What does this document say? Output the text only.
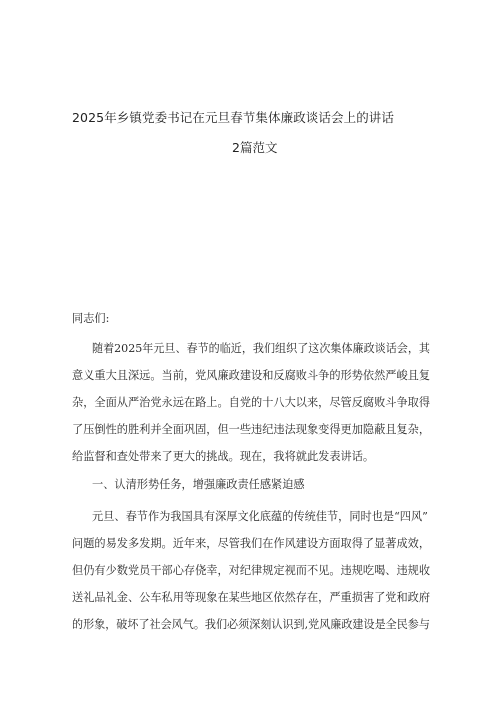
2025年乡镇党委书记在元旦春节集体廉政谈话会上的讲话
2篇范文
同志们:
随着2025年元旦、春节的临近，我们组织了这次集体廉政谈话会，其
意义重大且深远。当前，党风廉政建设和反腐败斗争的形势依然严峻且复
杂，全面从严治党永远在路上。自党的十八大以来，尽管反腐败斗争取得
了压倒性的胜利并全面巩固，但一些违纪违法现象变得更加隐蔽且复杂，
给监督和查处带来了更大的挑战。现在，我将就此发表讲话。
一、认清形势任务，增强廉政责任感紧迫感
元旦、春节作为我国具有深厚文化底蕴的传统佳节，同时也是“四风”
问题的易发多发期。近年来，尽管我们在作风建设方面取得了显著成效，
但仍有少数党员干部心存侥幸，对纪律规定视而不见。违规吃喝、违规收
送礼品礼金、公车私用等现象在某些地区依然存在，严重损害了党和政府
的形象，破坏了社会风气。我们必须深刻认识到,党风廉政建设是全民参与
